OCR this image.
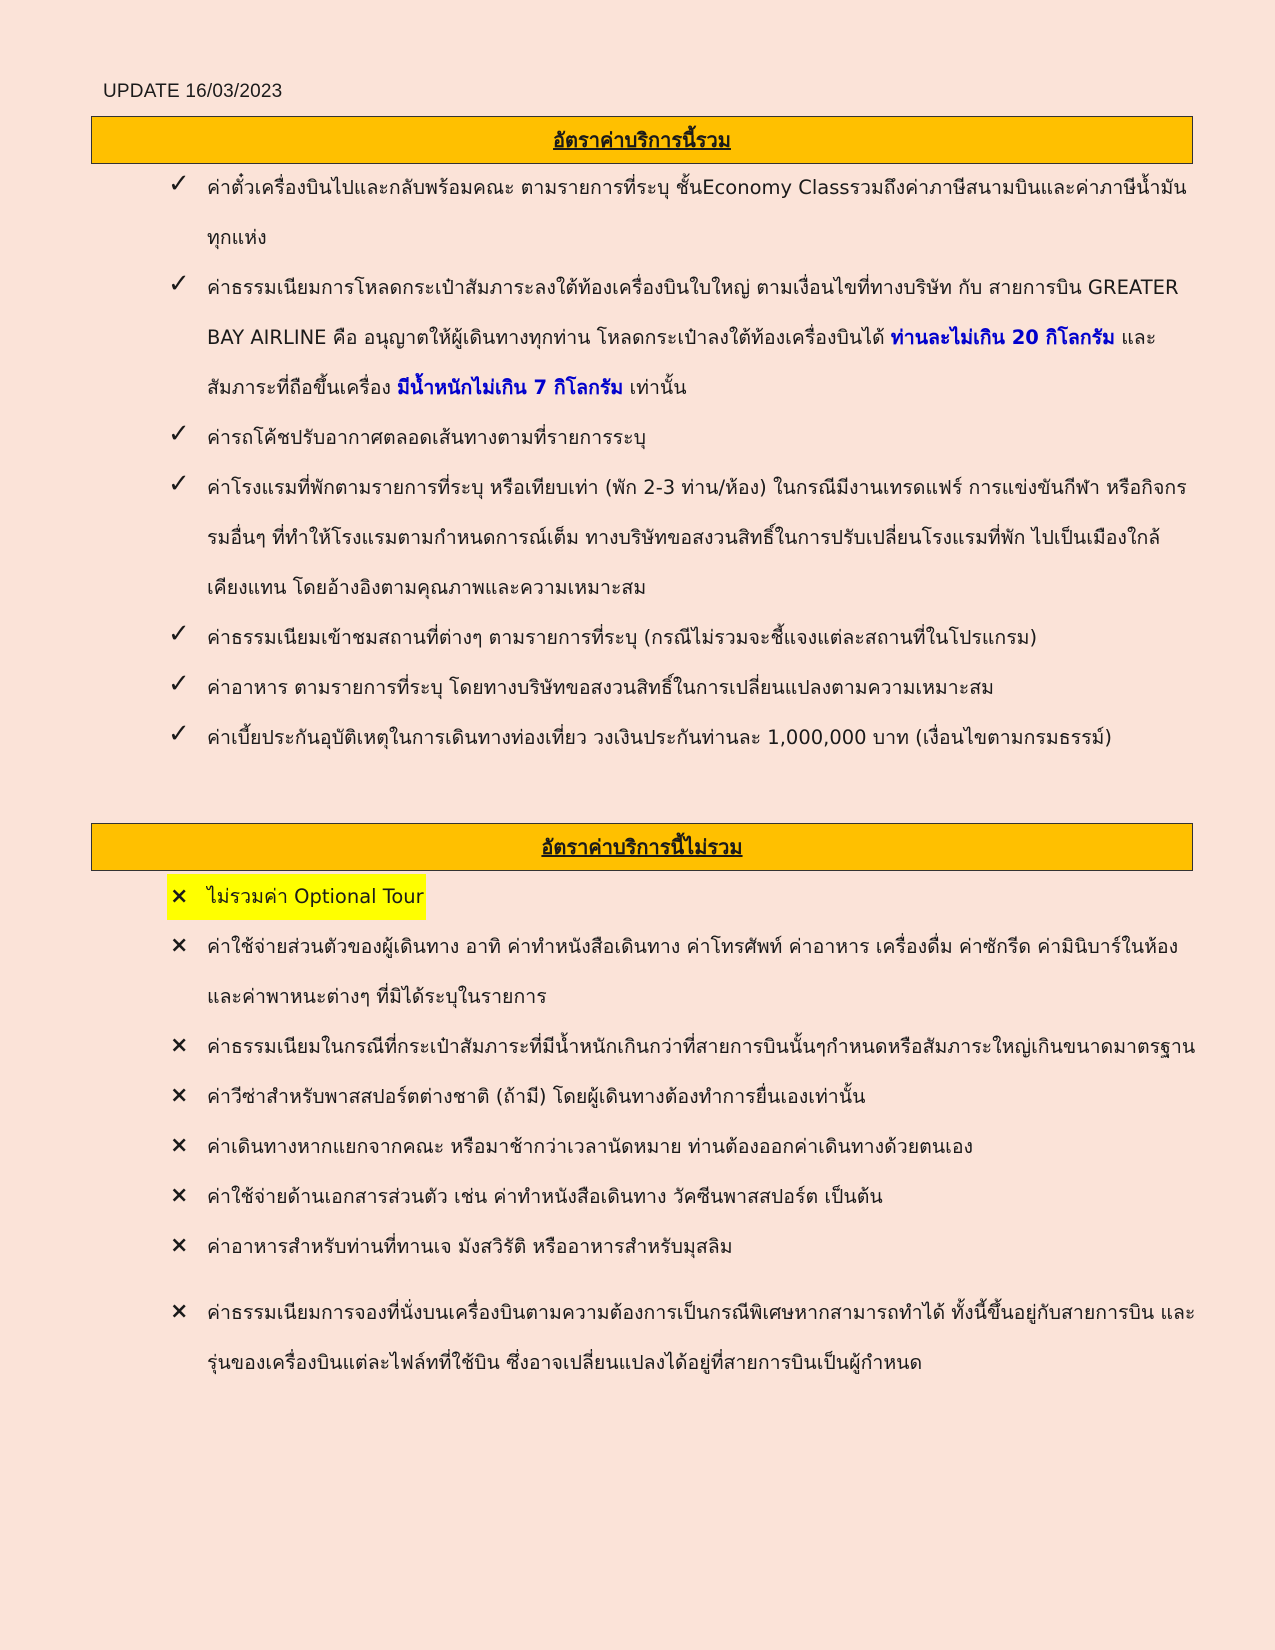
UPDATE 16/03/2023
อัตราค่าบริการนี้รวม
✓ ค่าตั๋วเครื่องบินไปและกลับพร้อมคณะ ตามรายการที่ระบุ ชั้นEconomy Classรวมถึงค่าภาษีสนามบินและค่าภาษีน้ำมันทุกแห่ง
✓ ค่าธรรมเนียมการโหลดกระเป๋าสัมภาระลงใต้ท้องเครื่องบินใบใหญ่ ตามเงื่อนไขที่ทางบริษัท กับ สายการบิน GREATER BAY AIRLINE คือ อนุญาตให้ผู้เดินทางทุกท่าน โหลดกระเป๋าลงใต้ท้องเครื่องบินได้ ท่านละไม่เกิน 20 กิโลกรัม และ สัมภาระที่ถือขึ้นเครื่อง มีน้ำหนักไม่เกิน 7 กิโลกรัม เท่านั้น
✓ ค่ารถโค้ชปรับอากาศตลอดเส้นทางตามที่รายการระบุ
✓ ค่าโรงแรมที่พักตามรายการที่ระบุ หรือเทียบเท่า (พัก 2-3 ท่าน/ห้อง) ในกรณีมีงานเทรดแฟร์ การแข่งขันกีฬา หรือกิจกรรมอื่นๆ ที่ทำให้โรงแรมตามกำหนดการณ์เต็ม ทางบริษัทขอสงวนสิทธิ์ในการปรับเปลี่ยนโรงแรมที่พัก ไปเป็นเมืองใกล้เคียงแทน โดยอ้างอิงตามคุณภาพและความเหมาะสม
✓ ค่าธรรมเนียมเข้าชมสถานที่ต่างๆ ตามรายการที่ระบุ (กรณีไม่รวมจะชี้แจงแต่ละสถานที่ในโปรแกรม)
✓ ค่าอาหาร ตามรายการที่ระบุ โดยทางบริษัทขอสงวนสิทธิ์ในการเปลี่ยนแปลงตามความเหมาะสม
✓ ค่าเบี้ยประกันอุบัติเหตุในการเดินทางท่องเที่ยว วงเงินประกันท่านละ 1,000,000 บาท (เงื่อนไขตามกรมธรรม์)
อัตราค่าบริการนี้ไม่รวม
× ไม่รวมค่า Optional Tour
× ค่าใช้จ่ายส่วนตัวของผู้เดินทาง อาทิ ค่าทำหนังสือเดินทาง ค่าโทรศัพท์ ค่าอาหาร เครื่องดื่ม ค่าซักรีด ค่ามินิบาร์ในห้องและค่าพาหนะต่างๆ ที่มิได้ระบุในรายการ
× ค่าธรรมเนียมในกรณีที่กระเป๋าสัมภาระที่มีน้ำหนักเกินกว่าที่สายการบินนั้นๆกำหนดหรือสัมภาระใหญ่เกินขนาดมาตรฐาน
× ค่าวีซ่าสำหรับพาสสปอร์ตต่างชาติ (ถ้ามี) โดยผู้เดินทางต้องทำการยื่นเองเท่านั้น
× ค่าเดินทางหากแยกจากคณะ หรือมาช้ากว่าเวลานัดหมาย ท่านต้องออกค่าเดินทางด้วยตนเอง
× ค่าใช้จ่ายด้านเอกสารส่วนตัว เช่น ค่าทำหนังสือเดินทาง วัคซีนพาสสปอร์ต เป็นต้น
× ค่าอาหารสำหรับท่านที่ทานเจ มังสวิรัติ หรืออาหารสำหรับมุสลิม
× ค่าธรรมเนียมการจองที่นั่งบนเครื่องบินตามความต้องการเป็นกรณีพิเศษหากสามารถทำได้ ทั้งนี้ขึ้นอยู่กับสายการบิน และ รุ่นของเครื่องบินแต่ละไฟล์ทที่ใช้บิน ซึ่งอาจเปลี่ยนแปลงได้อยู่ที่สายการบินเป็นผู้กำหนด
